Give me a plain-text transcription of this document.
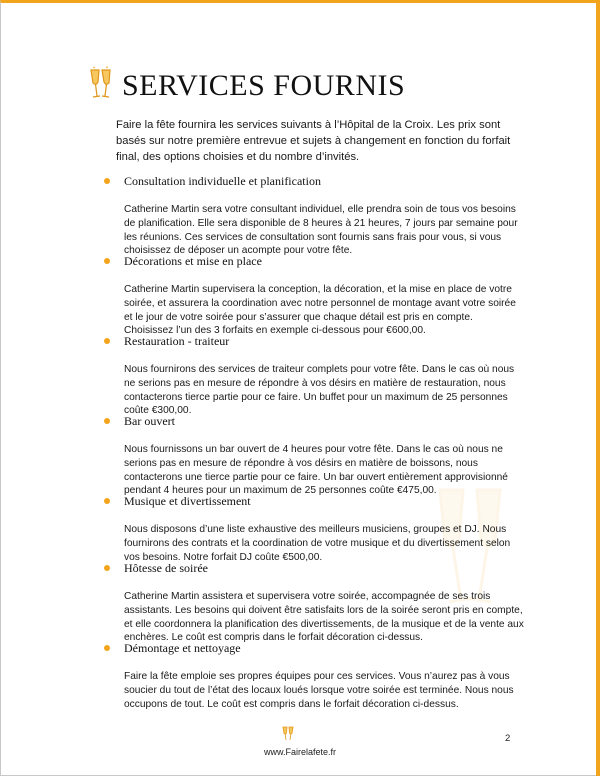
SERVICES FOURNIS

Faire la fête fournira les services suivants à l’Hôpital de la Croix. Les prix sont basés sur notre première entrevue et sujets à changement en fonction du forfait final, des options choisies et du nombre d’invités.

Consultation individuelle et planification
Catherine Martin sera votre consultant individuel, elle prendra soin de tous vos besoins de planification. Elle sera disponible de 8 heures à 21 heures, 7 jours par semaine pour les réunions. Ces services de consultation sont fournis sans frais pour vous, si vous choisissez de déposer un acompte pour votre fête.
Décorations et mise en place
Catherine Martin supervisera la conception, la décoration, et la mise en place de votre soirée, et assurera la coordination avec notre personnel de montage avant votre soirée et le jour de votre soirée pour s’assurer que chaque détail est pris en compte. Choisissez l’un des 3 forfaits en exemple ci-dessous pour €600,00.
Restauration - traiteur
Nous fournirons des services de traiteur complets pour votre fête. Dans le cas où nous ne serions pas en mesure de répondre à vos désirs en matière de restauration, nous contacterons tierce partie pour ce faire. Un buffet pour un maximum de 25 personnes coûte €300,00.
Bar ouvert
Nous fournissons un bar ouvert de 4 heures pour votre fête. Dans le cas où nous ne serions pas en mesure de répondre à vos désirs en matière de boissons, nous contacterons une tierce partie pour ce faire. Un bar ouvert entièrement approvisionné pendant 4 heures pour un maximum de 25 personnes coûte €475,00.
Musique et divertissement
Nous disposons d’une liste exhaustive des meilleurs musiciens, groupes et DJ. Nous fournirons des contrats et la coordination de votre musique et du divertissement selon vos besoins. Notre forfait DJ coûte €500,00.
Hôtesse de soirée
Catherine Martin assistera et supervisera votre soirée, accompagnée de ses trois assistants. Les besoins qui doivent être satisfaits lors de la soirée seront pris en compte, et elle coordonnera la planification des divertissements, de la musique et de la vente aux enchères. Le coût est compris dans le forfait décoration ci-dessus.
Démontage et nettoyage
Faire la fête emploie ses propres équipes pour ces services. Vous n’aurez pas à vous soucier du tout de l’état des locaux loués lorsque votre soirée est terminée. Nous nous occupons de tout. Le coût est compris dans le forfait décoration ci-dessus.
www.Fairelafete.fr
2
